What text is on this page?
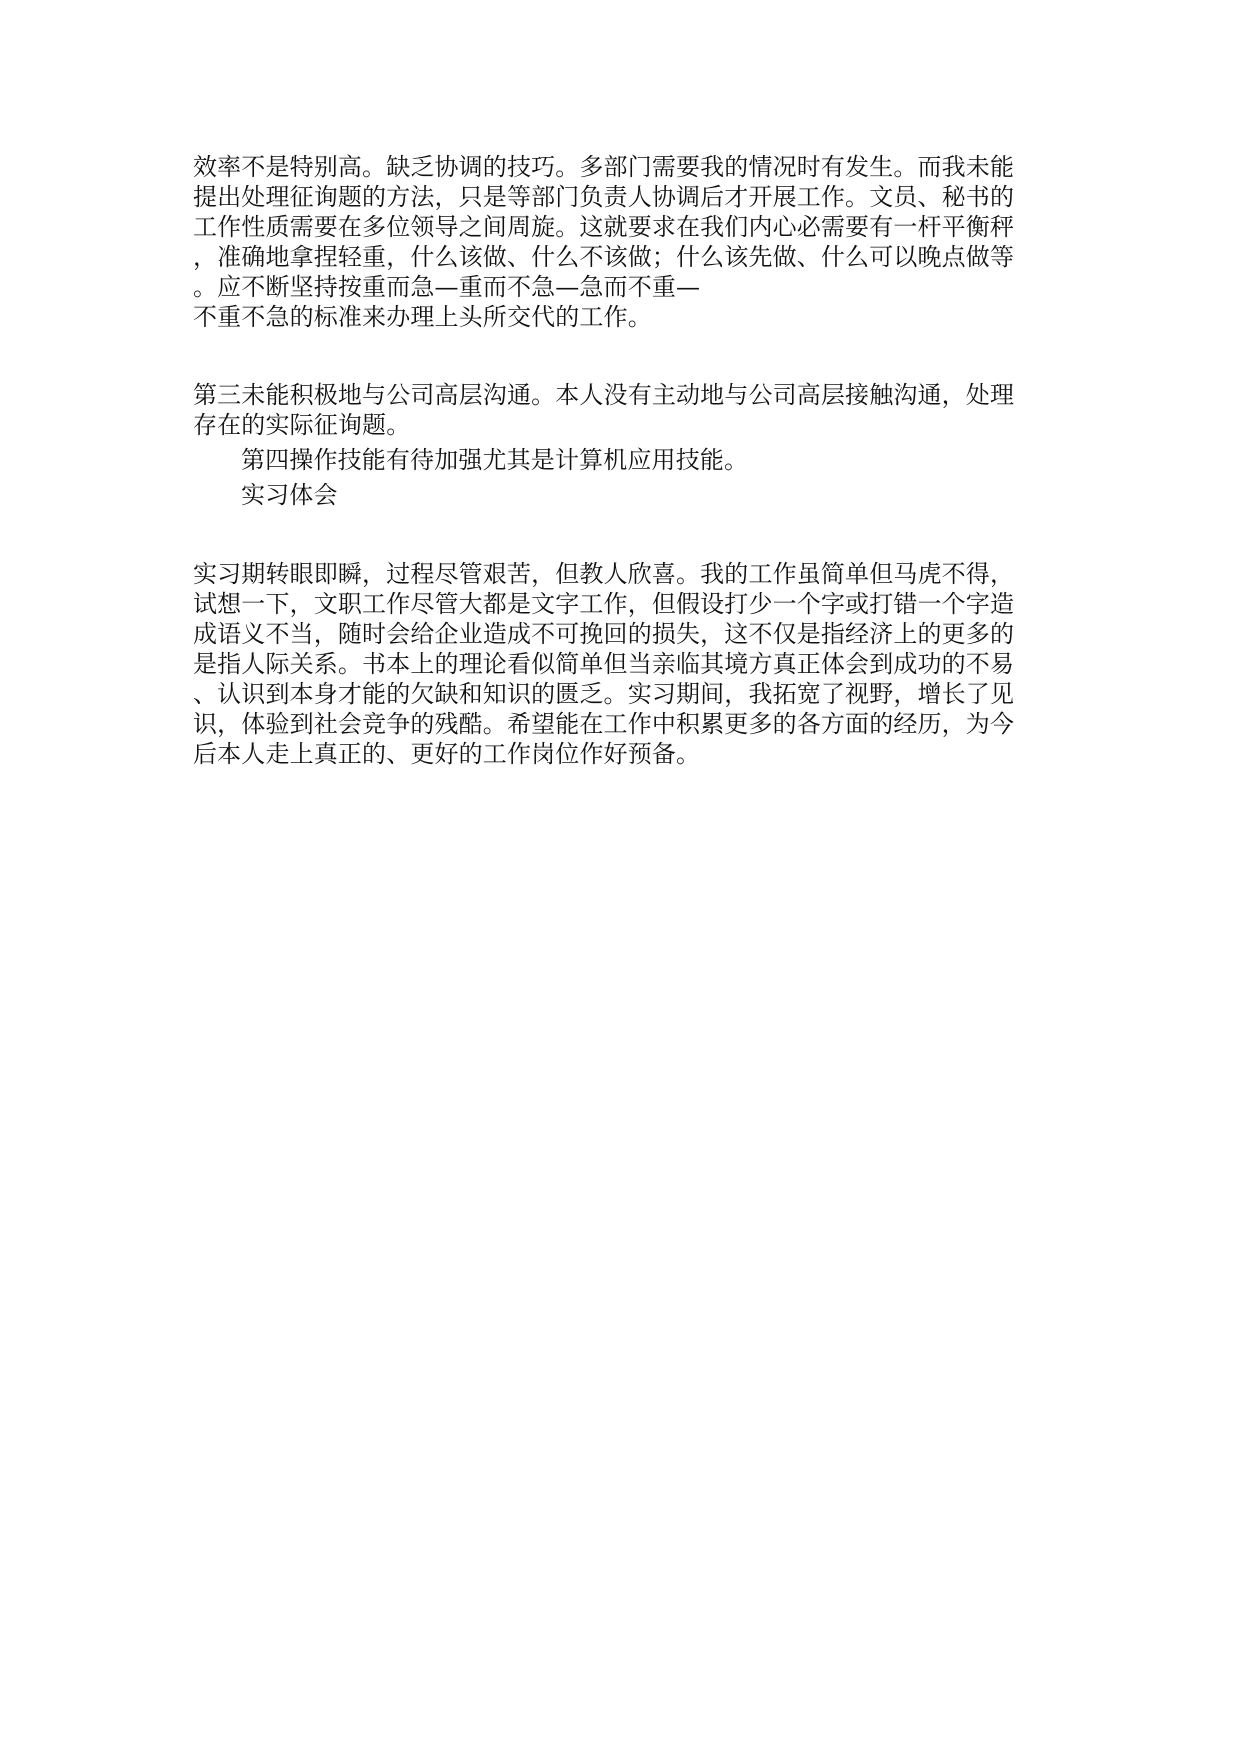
效率不是特别高。缺乏协调的技巧。多部门需要我的情况时有发生。而我未能
提出处理征询题的方法，只是等部门负责人协调后才开展工作。文员、秘书的
工作性质需要在多位领导之间周旋。这就要求在我们内心必需要有一杆平衡秤
，准确地拿捏轻重，什么该做、什么不该做；什么该先做、什么可以晚点做等
。应不断坚持按重而急—重而不急—急而不重—
不重不急的标准来办理上头所交代的工作。
第三未能积极地与公司高层沟通。本人没有主动地与公司高层接触沟通，处理
存在的实际征询题。
第四操作技能有待加强尤其是计算机应用技能。
实习体会
实习期转眼即瞬，过程尽管艰苦，但教人欣喜。我的工作虽简单但马虎不得，
试想一下，文职工作尽管大都是文字工作，但假设打少一个字或打错一个字造
成语义不当，随时会给企业造成不可挽回的损失，这不仅是指经济上的更多的
是指人际关系。书本上的理论看似简单但当亲临其境方真正体会到成功的不易
、认识到本身才能的欠缺和知识的匮乏。实习期间，我拓宽了视野，增长了见
识，体验到社会竞争的残酷。希望能在工作中积累更多的各方面的经历，为今
后本人走上真正的、更好的工作岗位作好预备。
